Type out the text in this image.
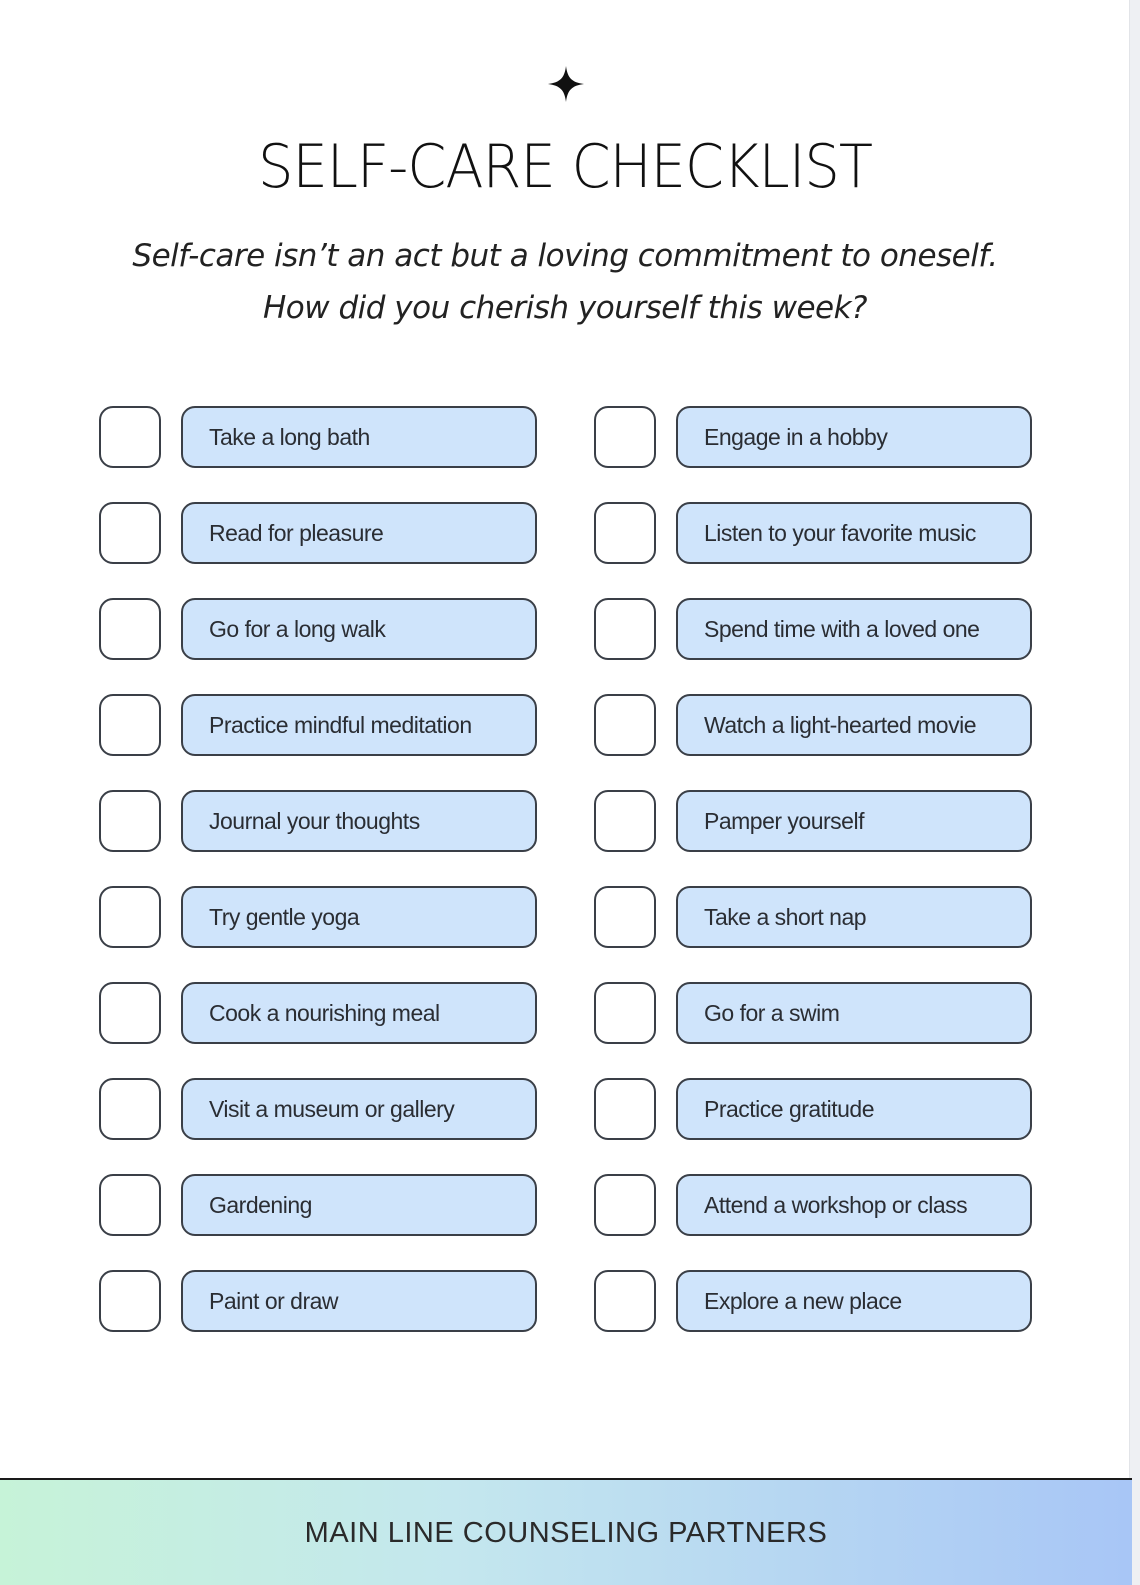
SELF-CARE CHECKLIST
Self-care isn’t an act but a loving commitment to oneself.
How did you cherish yourself this week?
Take a long bath
Read for pleasure
Go for a long walk
Practice mindful meditation
Journal your thoughts
Try gentle yoga
Cook a nourishing meal
Visit a museum or gallery
Gardening
Paint or draw
Engage in a hobby
Listen to your favorite music
Spend time with a loved one
Watch a light-hearted movie
Pamper yourself
Take a short nap
Go for a swim
Practice gratitude
Attend a workshop or class
Explore a new place
MAIN LINE COUNSELING PARTNERS
